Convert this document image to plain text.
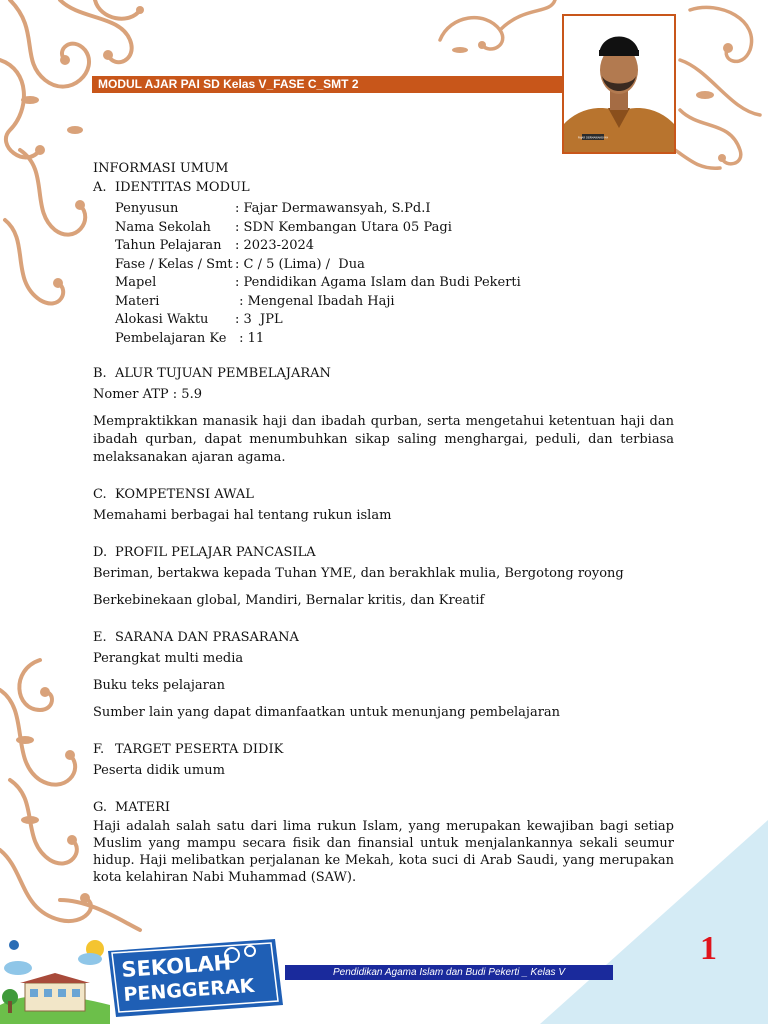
MODUL AJAR PAI SD Kelas V_FASE C_SMT 2
FAJAR DERMAWANSYAH

INFORMASI UMUM

A. IDENTITAS MODUL
Penyusun	: Fajar Dermawansyah, S.Pd.I
Nama Sekolah	: SDN Kembangan Utara 05 Pagi
Tahun Pelajaran	: 2023-2024
Fase / Kelas / Smt : C / 5 (Lima) /  Dua
Mapel	: Pendidikan Agama Islam dan Budi Pekerti
Materi	: Mengenal Ibadah Haji
Alokasi Waktu	: 3  JPL
Pembelajaran Ke : 11
B. ALUR TUJUAN PEMBELAJARAN

Nomer ATP : 5.9

Mempraktikkan manasik haji dan ibadah qurban, serta mengetahui ketentuan haji dan ibadah qurban, dapat menumbuhkan sikap saling menghargai, peduli, dan terbiasa melaksanakan ajaran agama.

C. KOMPETENSI AWAL

Memahami berbagai hal tentang rukun islam

D. PROFIL PELAJAR PANCASILA

Beriman, bertakwa kepada Tuhan YME, dan berakhlak mulia, Bergotong royong

Berkebinekaan global, Mandiri, Bernalar kritis, dan Kreatif

E. SARANA DAN PRASARANA

Perangkat multi media

Buku teks pelajaran

Sumber lain yang dapat dimanfaatkan untuk menunjang pembelajaran

F. TARGET PESERTA DIDIK

Peserta didik umum

G. MATERI

Haji adalah salah satu dari lima rukun Islam, yang merupakan kewajiban bagi setiap Muslim yang mampu secara fisik dan finansial untuk menjalankannya sekali seumur hidup. Haji melibatkan perjalanan ke Mekah, kota suci di Arab Saudi, yang merupakan kota kelahiran Nabi Muhammad (SAW).

SEKOLAH
PENGGERAK
Pendidikan Agama Islam dan Budi Pekerti _ Kelas V
1
